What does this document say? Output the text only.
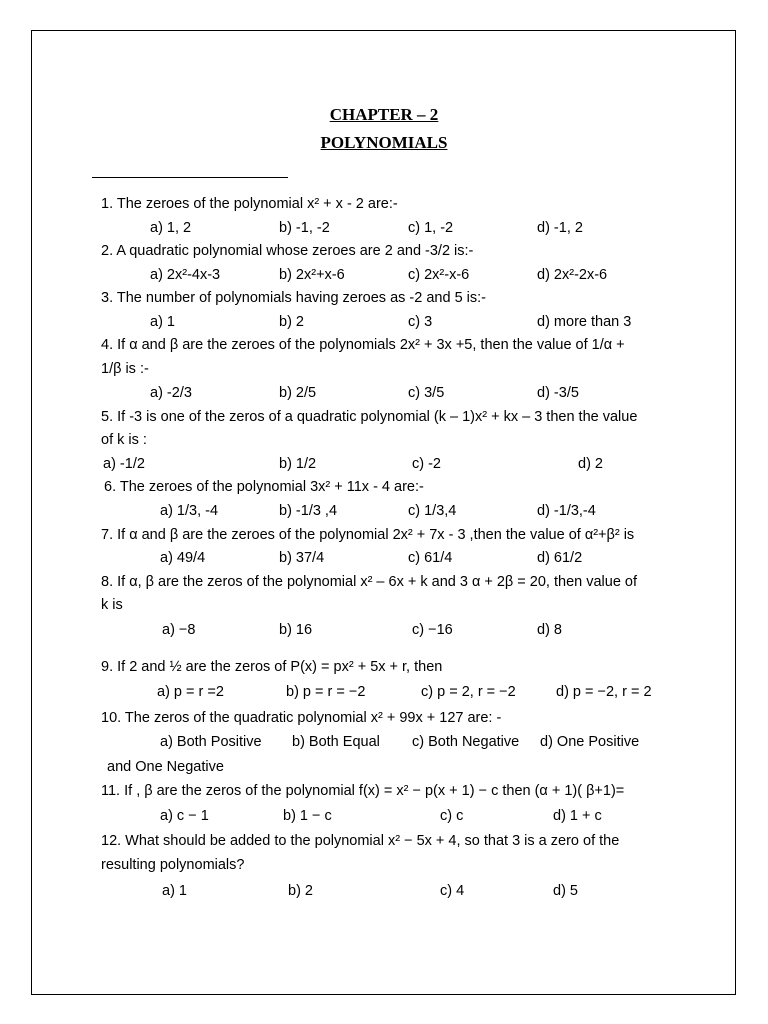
CHAPTER – 2
POLYNOMIALS
1. The zeroes of the polynomial x² + x - 2 are:-
a) 1, 2	b) -1, -2	c) 1, -2	d) -1, 2
2. A quadratic polynomial whose zeroes are 2 and -3/2 is:-
a) 2x²-4x-3	b) 2x²+x-6	c) 2x²-x-6	d) 2x²-2x-6
3. The number of polynomials having zeroes as -2 and 5 is:-
a) 1	b) 2	c) 3	d) more than 3
4. If α and β are the zeroes of the polynomials 2x² + 3x +5, then the value of 1/α +
1/β is :-
a) -2/3	b) 2/5	c) 3/5	d) -3/5
5. If -3 is one of the zeros of a quadratic polynomial (k – 1)x² + kx – 3 then the value
of k is :
a) -1/2	b) 1/2	c) -2	d) 2
6. The zeroes of the polynomial 3x² + 11x - 4 are:-
a) 1/3, -4	b) -1/3 ,4	c) 1/3,4	d) -1/3,-4
7. If α and β are the zeroes of the polynomial 2x² + 7x - 3 ,then the value of α²+β² is
a) 49/4	b) 37/4	c) 61/4	d) 61/2
8. If α, β are the zeros of the polynomial x² – 6x + k and 3 α + 2β = 20, then value of
k is
a) −8	b) 16	c) −16	d) 8
9. If 2 and ½ are the zeros of P(x) = px² + 5x + r, then
a) p = r =2	b) p = r = −2	c) p = 2, r = −2	d) p = −2, r = 2
10. The zeros of the quadratic polynomial x² + 99x + 127 are: -
a) Both Positive b) Both Equal c) Both Negative d) One Positive
and One Negative
11. If , β are the zeros of the polynomial f(x) = x² − p(x + 1) − c then (α + 1)( β+1)=
a) c − 1	b) 1 − c	c) c	d) 1 + c
12. What should be added to the polynomial x² − 5x + 4, so that 3 is a zero of the
resulting polynomials?
a) 1	b) 2	c) 4	d) 5
